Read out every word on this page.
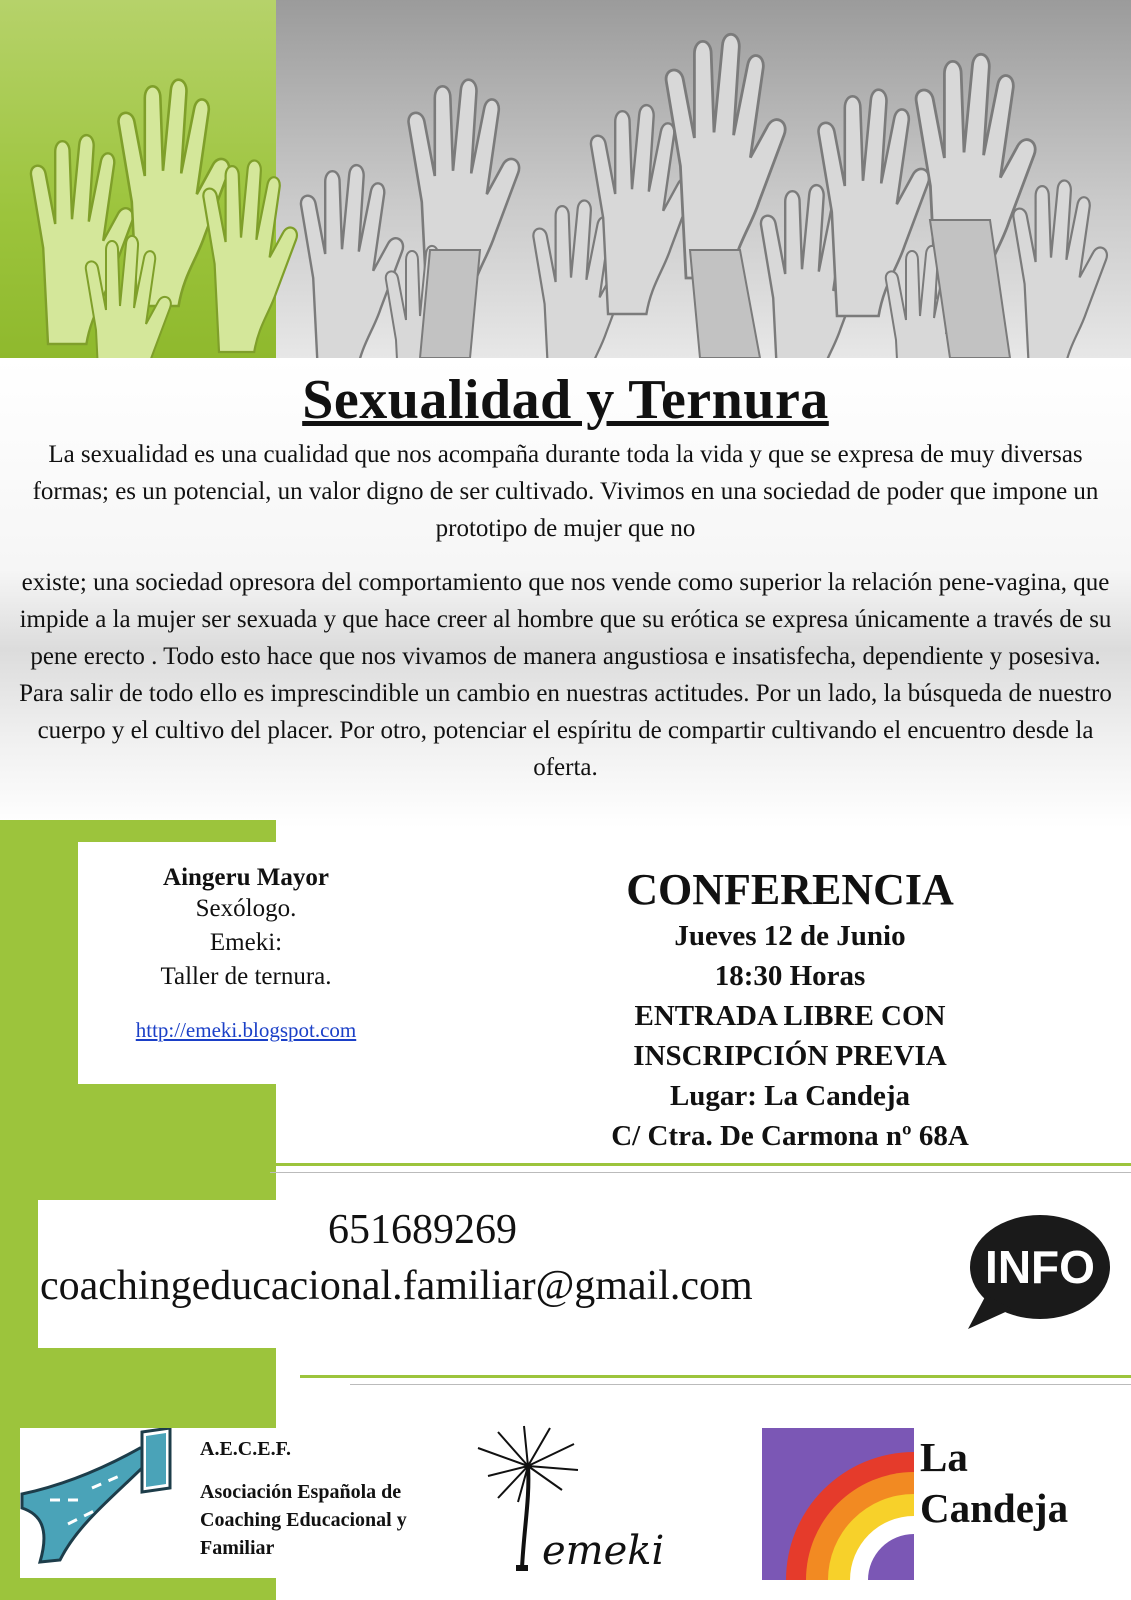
Sexualidad y Ternura

La sexualidad es una cualidad que nos acompaña durante toda la vida y que se expresa de muy diversas formas; es un potencial, un valor digno de ser cultivado. Vivimos en una sociedad de poder que impone un prototipo de mujer que no

existe; una sociedad opresora del comportamiento que nos vende como superior la relación pene-vagina, que impide a la mujer ser sexuada y que hace creer al hombre que su erótica se expresa únicamente a través de su pene erecto . Todo esto hace que nos vivamos de manera angustiosa e insatisfecha, dependiente y posesiva. Para salir de todo ello es imprescindible un cambio en nuestras actitudes. Por un lado, la búsqueda de nuestro cuerpo y el cultivo del placer. Por otro, potenciar el espíritu de compartir cultivando el encuentro desde la oferta.

Aingeru Mayor
Sexólogo.
Emeki:
Taller de ternura.
http://emeki.blogspot.com
CONFERENCIA
Jueves 12 de Junio
18:30 Horas
ENTRADA LIBRE CON
INSCRIPCIÓN PREVIA
Lugar: La Candeja
C/ Ctra. De Carmona nº 68A
651689269
coachingeducacional.familiar@gmail.com	INFO
A.E.C.E.F.
Asociación Española de
Coaching Educacional y
Familiar	emeki
La
Candeja
